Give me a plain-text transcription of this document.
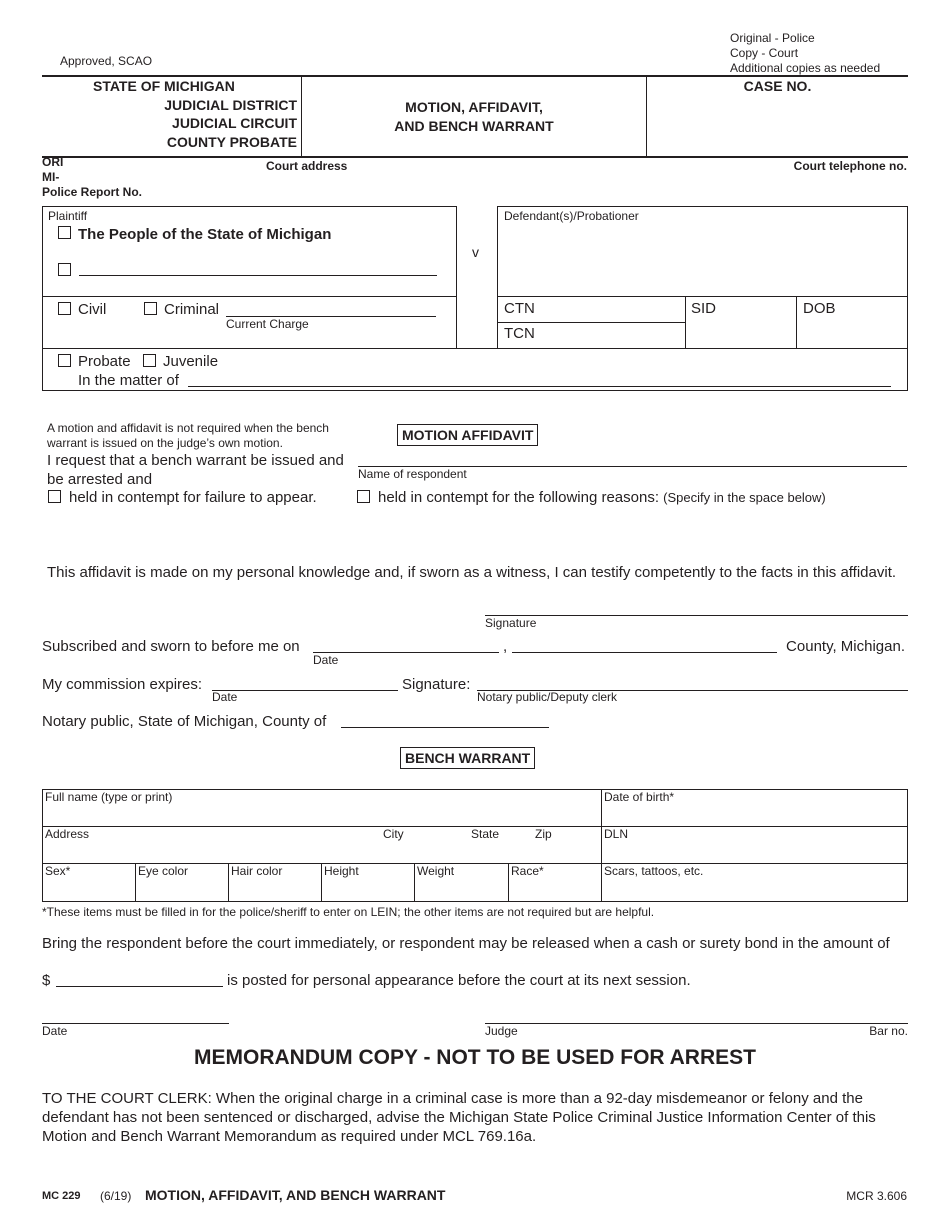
Approved, SCAO
Original - Police
Copy - Court
Additional copies as needed
STATE OF MICHIGAN
JUDICIAL DISTRICT
JUDICIAL CIRCUIT
COUNTY PROBATE
MOTION, AFFIDAVIT,
AND BENCH WARRANT
CASE NO.
ORI
MI-
Court address	Court telephone no.
Police Report No.
Plaintiff
The People of the State of Michigan
v
Defendant(s)/Probationer
Civil	Criminal
Current Charge
CTN
TCN
SID	DOB
Probate Juvenile
In the matter of
A motion and affidavit is not required when the bench
warrant is issued on the judge’s own motion.	MOTION AFFIDAVIT
I request that a bench warrant be issued and
Name of respondent
be arrested and
held in contempt for failure to appear.	held in contempt for the following reasons: (Specify in the space below)
This affidavit is made on my personal knowledge and, if sworn as a witness, I can testify competently to the facts in this affidavit.
Signature
Subscribed and sworn to before me on
Date
,	County, Michigan.
My commission expires:
Date
Signature:
Notary public/Deputy clerk
Notary public, State of Michigan, County of
BENCH WARRANT
Full name (type or print)	Date of birth*
Address	City	State	Zip	DLN
Sex*	Eye color	Hair color	Height	Weight	Race*	Scars, tattoos, etc.
*These items must be filled in for the police/sheriff to enter on LEIN; the other items are not required but are helpful.
Bring the respondent before the court immediately, or respondent may be released when a cash or surety bond in the amount of
$	is posted for personal appearance before the court at its next session.
Date	Judge	Bar no.
MEMORANDUM COPY - NOT TO BE USED FOR ARREST
TO THE COURT CLERK: When the original charge in a criminal case is more than a 92-day misdemeanor or felony and the
defendant has not been sentenced or discharged, advise the Michigan State Police Criminal Justice Information Center of this
Motion and Bench Warrant Memorandum as required under MCL 769.16a.
MC 229 (6/19) MOTION, AFFIDAVIT, AND BENCH WARRANT	MCR 3.606
